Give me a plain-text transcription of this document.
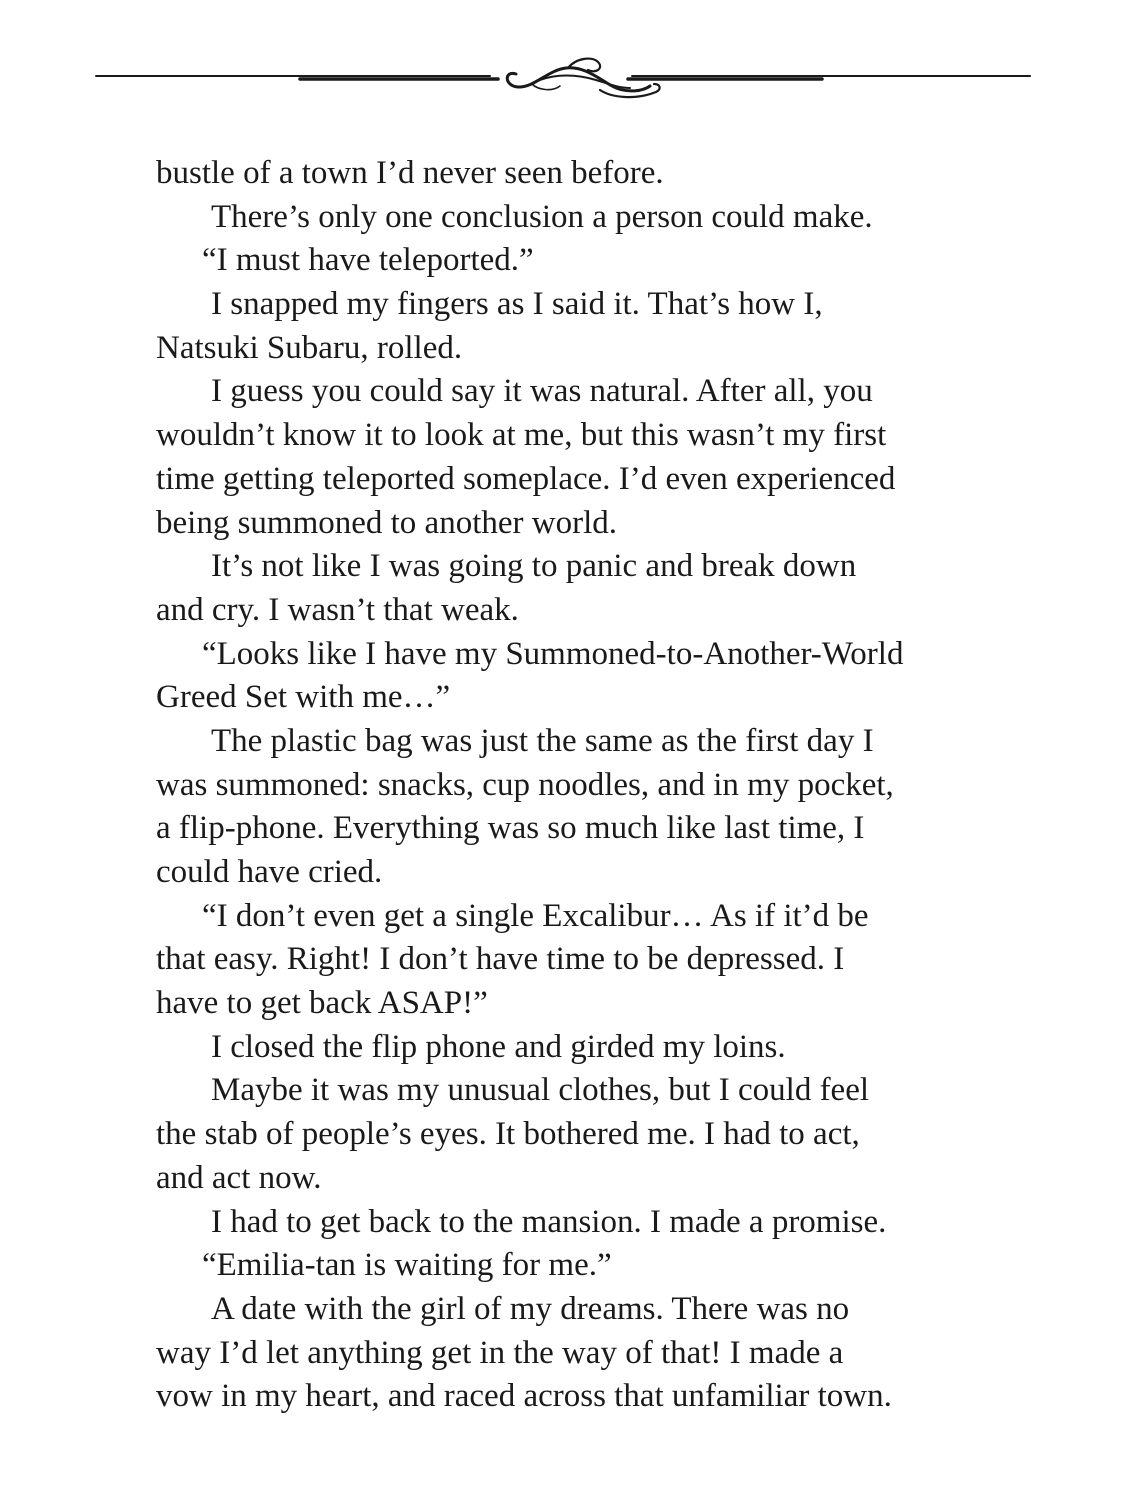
bustle of a town I’d never seen before.
There’s only one conclusion a person could make.
“I must have teleported.”
I snapped my fingers as I said it. That’s how I,
Natsuki Subaru, rolled.
I guess you could say it was natural. After all, you
wouldn’t know it to look at me, but this wasn’t my first
time getting teleported someplace. I’d even experienced
being summoned to another world.
It’s not like I was going to panic and break down
and cry. I wasn’t that weak.
“Looks like I have my Summoned-to-Another-World
Greed Set with me…”
The plastic bag was just the same as the first day I
was summoned: snacks, cup noodles, and in my pocket,
a flip-phone. Everything was so much like last time, I
could have cried.
“I don’t even get a single Excalibur… As if it’d be
that easy. Right! I don’t have time to be depressed. I
have to get back ASAP!”
I closed the flip phone and girded my loins.
Maybe it was my unusual clothes, but I could feel
the stab of people’s eyes. It bothered me. I had to act,
and act now.
I had to get back to the mansion. I made a promise.
“Emilia-tan is waiting for me.”
A date with the girl of my dreams. There was no
way I’d let anything get in the way of that! I made a
vow in my heart, and raced across that unfamiliar town.
